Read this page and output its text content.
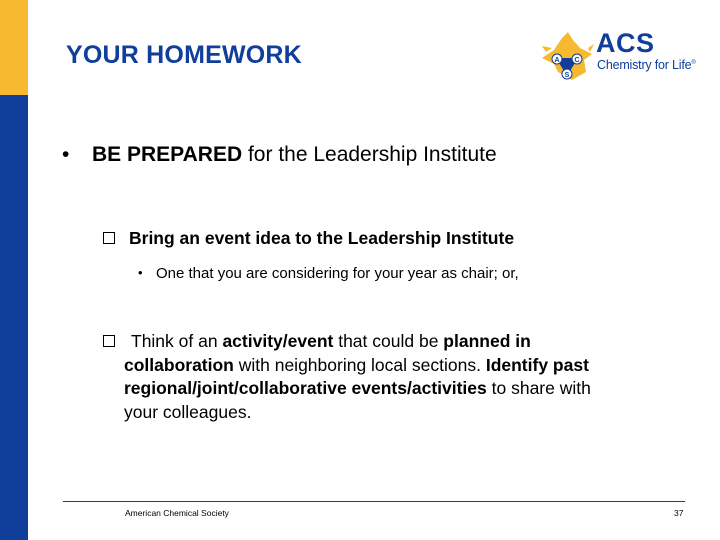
YOUR HOMEWORK	A C
S
ACS
Chemistry for Life®
• BE PREPARED for the Leadership Institute
Bring an event idea to the Leadership Institute
• One that you are considering for your year as chair; or,
Think of an activity/event that could be planned in
collaboration with neighboring local sections. Identify past
regional/joint/collaborative events/activities to share with
your colleagues.
American Chemical Society	37
